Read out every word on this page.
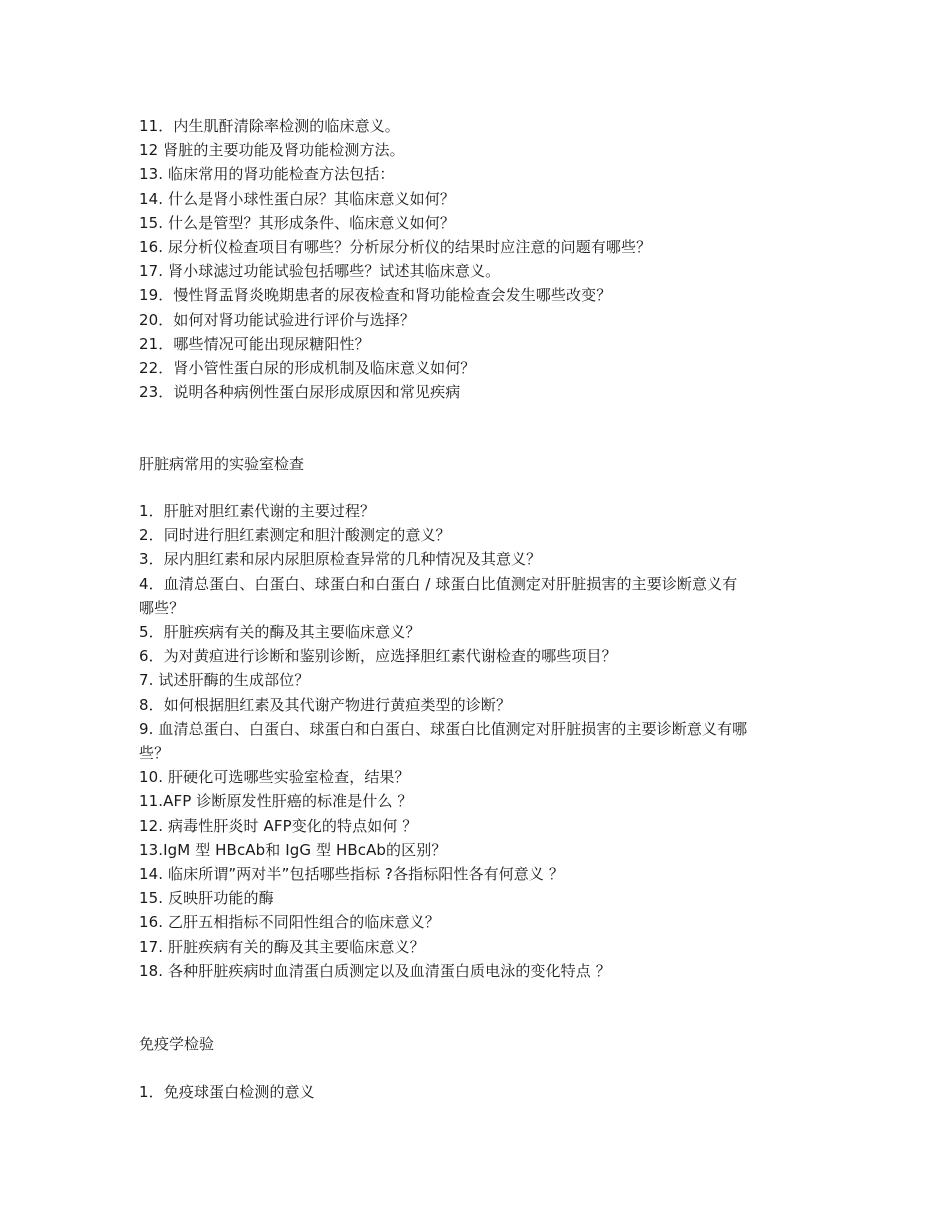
11．内生肌酐清除率检测的临床意义。
12 肾脏的主要功能及肾功能检测方法。
13. 临床常用的肾功能检查方法包括：
14. 什么是肾小球性蛋白尿？其临床意义如何？
15. 什么是管型？其形成条件、临床意义如何？
16. 尿分析仪检查项目有哪些？分析尿分析仪的结果时应注意的问题有哪些？
17. 肾小球滤过功能试验包括哪些？试述其临床意义。
19．慢性肾盂肾炎晚期患者的尿夜检查和肾功能检查会发生哪些改变？
20．如何对肾功能试验进行评价与选择？
21．哪些情况可能出现尿糖阳性？
22．肾小管性蛋白尿的形成机制及临床意义如何？
23．说明各种病例性蛋白尿形成原因和常见疾病
肝脏病常用的实验室检查
1．肝脏对胆红素代谢的主要过程？
2．同时进行胆红素测定和胆汁酸测定的意义？
3．尿内胆红素和尿内尿胆原检查异常的几种情况及其意义？
4．血清总蛋白、白蛋白、球蛋白和白蛋白 / 球蛋白比值测定对肝脏损害的主要诊断意义有哪些？
5．肝脏疾病有关的酶及其主要临床意义？
6．为对黄疸进行诊断和鉴别诊断，应选择胆红素代谢检查的哪些项目？
7. 试述肝酶的生成部位？
8．如何根据胆红素及其代谢产物进行黄疸类型的诊断？
9. 血清总蛋白、白蛋白、球蛋白和白蛋白、球蛋白比值测定对肝脏损害的主要诊断意义有哪些？
10. 肝硬化可选哪些实验室检查，结果？
11.AFP 诊断原发性肝癌的标准是什么 ？
12. 病毒性肝炎时 AFP变化的特点如何 ？
13.IgM 型 HBcAb和 IgG 型 HBcAb的区别？
14. 临床所谓”两对半”包括哪些指标 ?各指标阳性各有何意义 ？
15. 反映肝功能的酶
16. 乙肝五相指标不同阳性组合的临床意义？
17. 肝脏疾病有关的酶及其主要临床意义？
18. 各种肝脏疾病时血清蛋白质测定以及血清蛋白质电泳的变化特点 ？
免疫学检验
1．免疫球蛋白检测的意义
